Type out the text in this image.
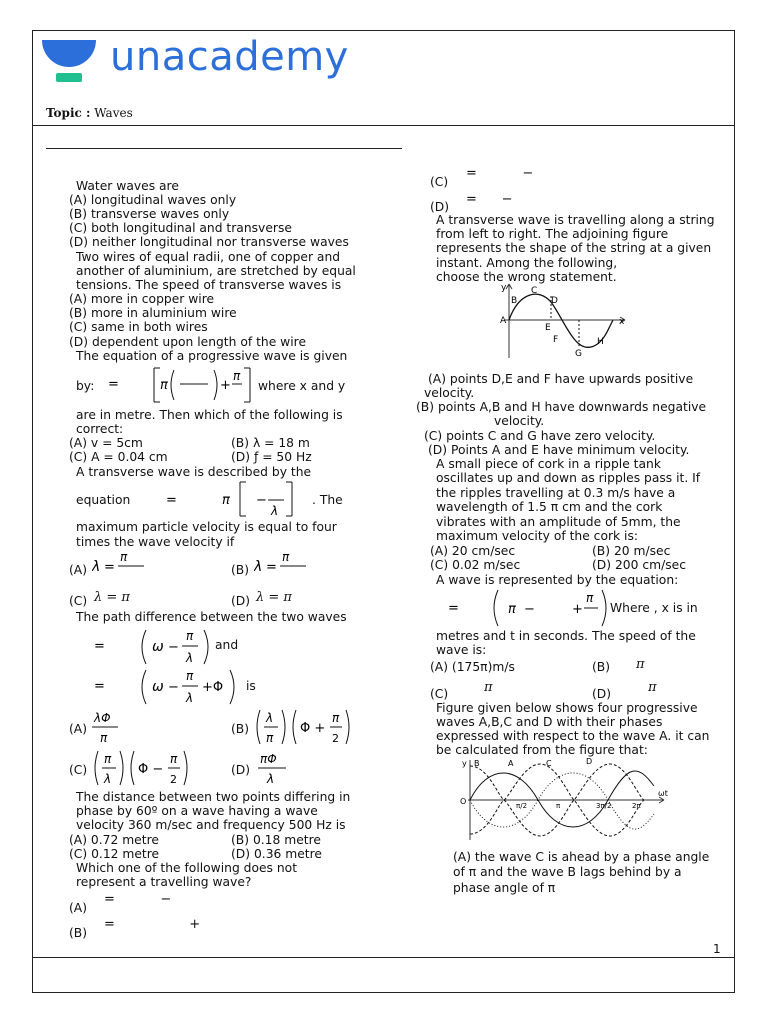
unacademy
Topic : Waves
Water waves are
(A) longitudinal waves only
(B) transverse waves only
(C) both longitudinal and transverse
(D) neither longitudinal nor transverse waves
Two wires of equal radii, one of copper and
another of aluminium, are stretched by equal
tensions. The speed of transverse waves is
(A) more in copper wire
(B) more in aluminium wire
(C) same in both wires
(D) dependent upon length of the wire
The equation of a progressive wave is given
by: =	π	+
π
where x and y
are in metre. Then which of the following is
correct:
(A) v = 5cm	(B) λ = 18 m
(C) A = 0.04 cm	(D) ƒ = 50 Hz
A transverse wave is described by the
equation	=	π −
λ
. The
maximum particle velocity is equal to four
times the wave velocity if
(A) λ =
π
(B) λ =
π
(C) λ = π	(D) λ = π
The path difference between the two waves
=	ω −
π
λ
and
=	ω −
π
λ
+Φ is
(A)
λΦ
π
(B)
λ
π
Φ +
π
2
(C)
π
λ
Φ −
π
2
(D)
πΦ
λ
The distance between two points differing in
phase by 60º on a wave having a wave
velocity 360 m/sec and frequency 500 Hz is
(A) 0.72 metre	(B) 0.18 metre
(C) 0.12 metre	(D) 0.36 metre
Which one of the following does not
represent a travelling wave?
(A)
=           −
(B)
=                  +
(C)
=           −
(D) =      −
A transverse wave is travelling along a string
from left to right. The adjoining figure
represents the shape of the string at a given
instant. Among the following,
choose the wrong statement.
y
B
C
D
A
E
x
F	H
G
(A) points D,E and F have upwards positive
velocity.
(B) points A,B and H have downwards negative
velocity.
(C) points C and G have zero velocity.
(D) Points A and E have minimum velocity.
A small piece of cork in a ripple tank
oscillates up and down as ripples pass it. If
the ripples travelling at 0.3 m/s have a
wavelength of 1.5 π cm and the cork
vibrates with an amplitude of 5mm, the
maximum velocity of the cork is:
(A) 20 cm/sec	(B) 20 m/sec
(C) 0.02 m/sec	(D) 200 cm/sec
A wave is represented by the equation:
=	π −	+
π
Where , x is in
metres and t in seconds. The speed of the
wave is:
(A) (175π)m/s	(B) π
(C)	π	(D)	π
Figure given below shows four progressive
waves A,B,C and D with their phases
expressed with respect to the wave A. it can
be calculated from the figure that:
y B	A	C	D
O	π/2	π	3π/2	2π
ωt
(A) the wave C is ahead by a phase angle
of π and the wave B lags behind by a
phase angle of π
1
